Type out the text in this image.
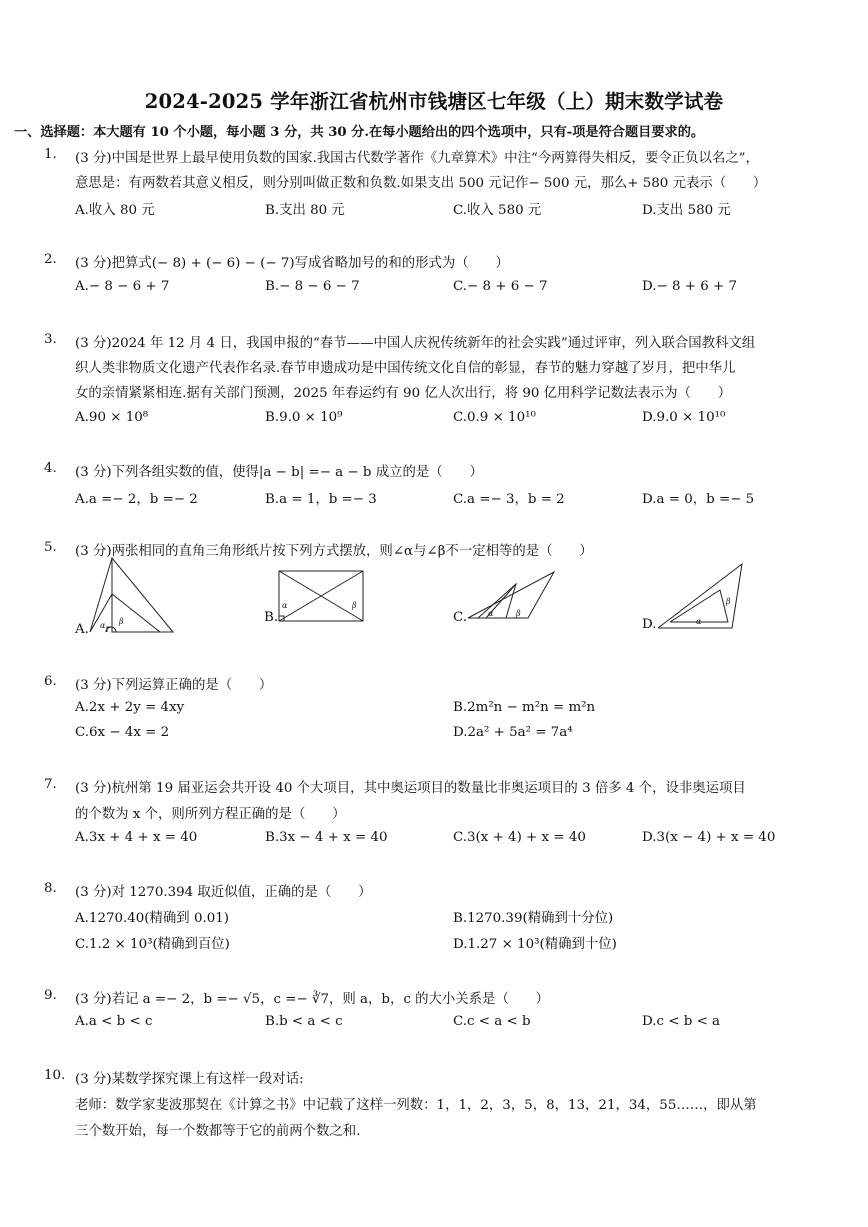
2024-2025 学年浙江省杭州市钱塘区七年级（上）期末数学试卷
一、选择题：本大题有 10 个小题，每小题 3 分，共 30 分.在每小题给出的四个选项中，只有-项是符合题目要求的。
1. (3 分)中国是世界上最早使用负数的国家.我国古代数学著作《九章算术》中注“今两算得失相反，要令正负以名之”，
意思是：有两数若其意义相反，则分别叫做正数和负数.如果支出 500 元记作− 500 元，那么+ 580 元表示（　　）
A.收入 80 元	B.支出 80 元	C.收入 580 元	D.支出 580 元
2. (3 分)把算式(− 8) + (− 6) − (− 7)写成省略加号的和的形式为（　　）
A.− 8 − 6 + 7	B.− 8 − 6 − 7	C.− 8 + 6 − 7	D.− 8 + 6 + 7
3. (3 分)2024 年 12 月 4 日，我国申报的“春节——中国人庆祝传统新年的社会实践”通过评审，列入联合国教科文组
织人类非物质文化遗产代表作名录.春节申遗成功是中国传统文化自信的彰显，春节的魅力穿越了岁月，把中华儿
女的亲情紧紧相连.据有关部门预测，2025 年春运约有 90 亿人次出行，将 90 亿用科学记数法表示为（　　）
A.90 × 10⁸	B.9.0 × 10⁹	C.0.9 × 10¹⁰	D.9.0 × 10¹⁰
4. (3 分)下列各组实数的值，使得|a − b| =− a − b 成立的是（　　）
A.a =− 2，b =− 2	B.a = 1，b =− 3	C.a =− 3，b = 2	D.a = 0，b =− 5
5. (3 分)两张相同的直角三角形纸片按下列方式摆放，则∠α与∠β不一定相等的是（　　）
A. α β	B.
α	β
C.	α	β
D.	α
β
6. (3 分)下列运算正确的是（　　）
A.2x + 2y = 4xy	B.2m²n − m²n = m²n
C.6x − 4x = 2	D.2a² + 5a² = 7a⁴
7. (3 分)杭州第 19 届亚运会共开设 40 个大项目，其中奥运项目的数量比非奥运项目的 3 倍多 4 个，设非奥运项目
的个数为 x 个，则所列方程正确的是（　　）
A.3x + 4 + x = 40	B.3x − 4 + x = 40	C.3(x + 4) + x = 40	D.3(x − 4) + x = 40
8. (3 分)对 1270.394 取近似值，正确的是（　　）
A.1270.40(精确到 0.01)	B.1270.39(精确到十分位)
C.1.2 × 10³(精确到百位)	D.1.27 × 10³(精确到十位)
9. (3 分)若记 a =− 2，b =− √5，c =− ∛7，则 a，b，c 的大小关系是（　　）
A.a < b < c	B.b < a < c	C.c < a < b	D.c < b < a
10. (3 分)某数学探究课上有这样一段对话:
老师：数学家斐波那契在《计算之书》中记载了这样一列数：1，1，2，3，5，8，13，21，34，55……，即从第
三个数开始，每一个数都等于它的前两个数之和.
